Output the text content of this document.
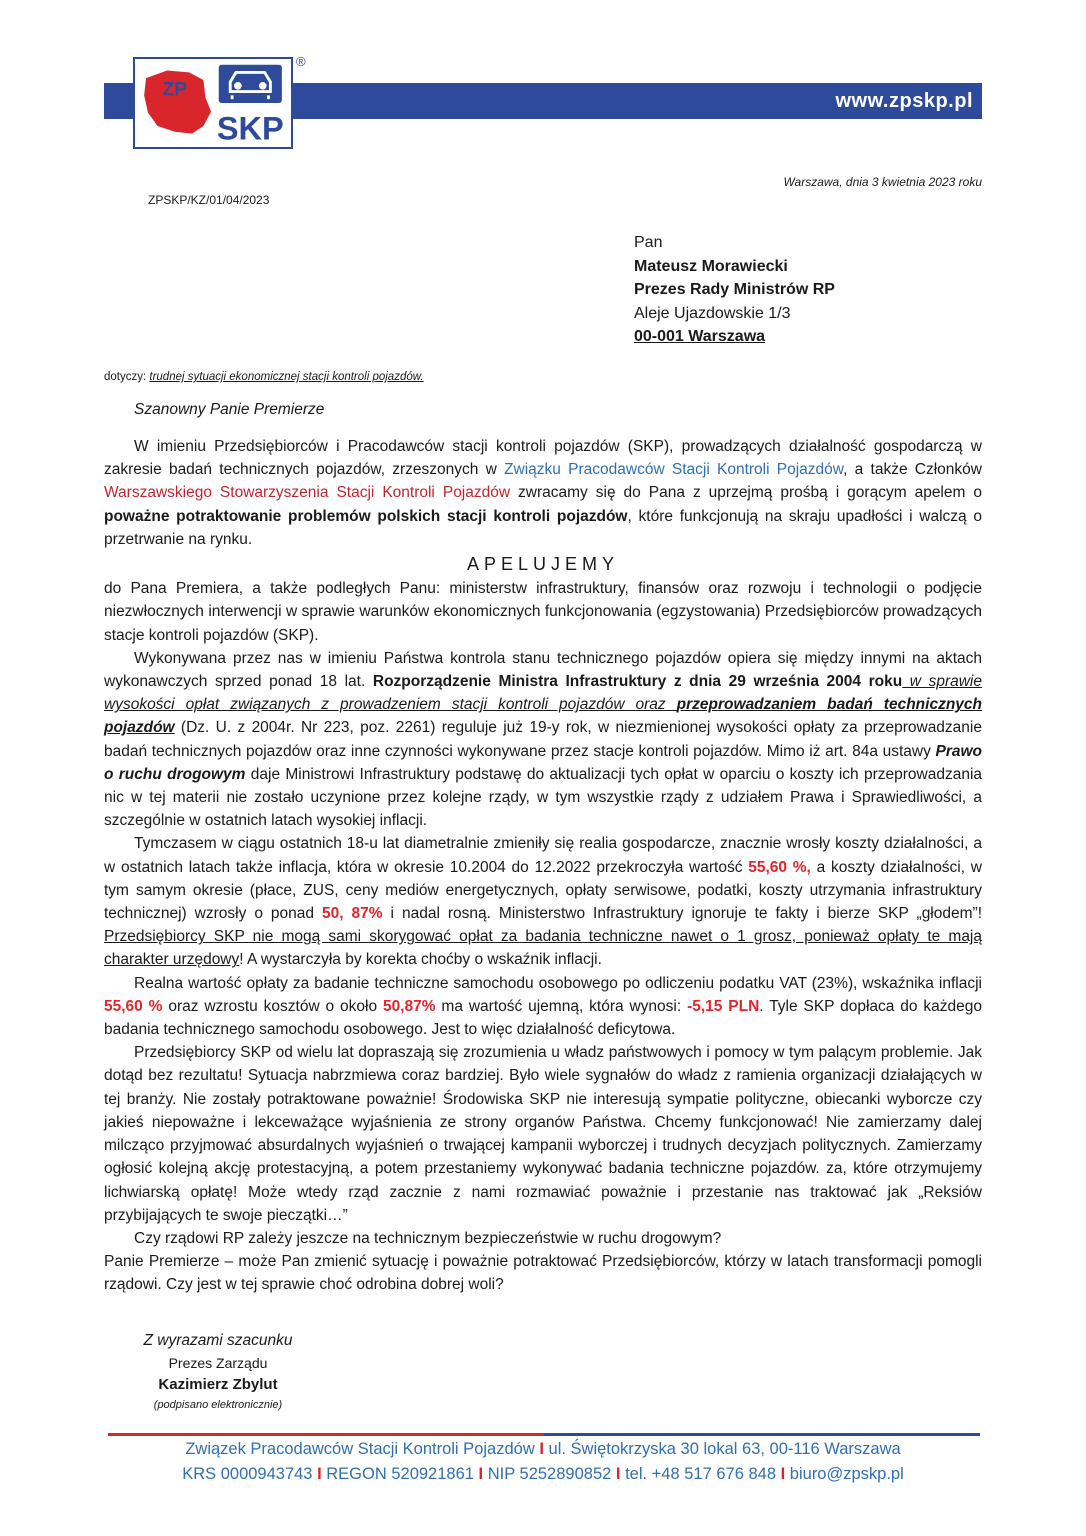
www.zpskp.pl
ZP
SKP
®
Warszawa, dnia 3 kwietnia 2023 roku
ZPSKP/KZ/01/04/2023
Pan
Mateusz Morawiecki
Prezes Rady Ministrów RP
Aleje Ujazdowskie 1/3
00-001 Warszawa
dotyczy: trudnej sytuacji ekonomicznej stacji kontroli pojazdów.
Szanowny Panie Premierze

W imieniu Przedsiębiorców i Pracodawców stacji kontroli pojazdów (SKP), prowadzących działalność gospodarczą w zakresie badań technicznych pojazdów, zrzeszonych w Związku Pracodawców Stacji Kontroli Pojazdów, a także Członków Warszawskiego Stowarzyszenia Stacji Kontroli Pojazdów zwracamy się do Pana z uprzejmą prośbą i gorącym apelem o poważne potraktowanie problemów polskich stacji kontroli pojazdów, które funkcjonują na skraju upadłości i walczą o przetrwanie na rynku.

APELUJEMY

do Pana Premiera, a także podległych Panu: ministerstw infrastruktury, finansów oraz rozwoju i technologii o podjęcie niezwłocznych interwencji w sprawie warunków ekonomicznych funkcjonowania (egzystowania) Przedsiębiorców prowadzących stacje kontroli pojazdów (SKP).

Wykonywana przez nas w imieniu Państwa kontrola stanu technicznego pojazdów opiera się między innymi na aktach wykonawczych sprzed ponad 18 lat. Rozporządzenie Ministra Infrastruktury z dnia 29 września 2004 roku w sprawie wysokości opłat związanych z prowadzeniem stacji kontroli pojazdów oraz przeprowadzaniem badań technicznych pojazdów (Dz. U. z 2004r. Nr 223, poz. 2261) reguluje już 19-y rok, w niezmienionej wysokości opłaty za przeprowadzanie badań technicznych pojazdów oraz inne czynności wykonywane przez stacje kontroli pojazdów. Mimo iż art. 84a ustawy Prawo o ruchu drogowym daje Ministrowi Infrastruktury podstawę do aktualizacji tych opłat w oparciu o koszty ich przeprowadzania nic w tej materii nie zostało uczynione przez kolejne rządy, w tym wszystkie rządy z udziałem Prawa i Sprawiedliwości, a szczególnie w ostatnich latach wysokiej inflacji.

Tymczasem w ciągu ostatnich 18-u lat diametralnie zmieniły się realia gospodarcze, znacznie wrosły koszty działalności, a w ostatnich latach także inflacja, która w okresie 10.2004 do 12.2022 przekroczyła wartość 55,60 %, a koszty działalności, w tym samym okresie (płace, ZUS, ceny mediów energetycznych, opłaty serwisowe, podatki, koszty utrzymania infrastruktury technicznej) wzrosły o ponad 50, 87% i nadal rosną. Ministerstwo Infrastruktury ignoruje te fakty i bierze SKP „głodem”! Przedsiębiorcy SKP nie mogą sami skorygować opłat za badania techniczne nawet o 1 grosz, ponieważ opłaty te mają charakter urzędowy! A wystarczyła by korekta choćby o wskaźnik inflacji.

Realna wartość opłaty za badanie techniczne samochodu osobowego po odliczeniu podatku VAT (23%), wskaźnika inflacji 55,60 % oraz wzrostu kosztów o około 50,87% ma wartość ujemną, która wynosi: -5,15 PLN. Tyle SKP dopłaca do każdego badania technicznego samochodu osobowego. Jest to więc działalność deficytowa.

Przedsiębiorcy SKP od wielu lat dopraszają się zrozumienia u władz państwowych i pomocy w tym palącym problemie. Jak dotąd bez rezultatu! Sytuacja nabrzmiewa coraz bardziej. Było wiele sygnałów do władz z ramienia organizacji działających w tej branży. Nie zostały potraktowane poważnie! Środowiska SKP nie interesują sympatie polityczne, obiecanki wyborcze czy jakieś niepoważne i lekceważące wyjaśnienia ze strony organów Państwa. Chcemy funkcjonować! Nie zamierzamy dalej milcząco przyjmować absurdalnych wyjaśnień o trwającej kampanii wyborczej i trudnych decyzjach politycznych. Zamierzamy ogłosić kolejną akcję protestacyjną, a potem przestaniemy wykonywać badania techniczne pojazdów. za, które otrzymujemy lichwiarską opłatę! Może wtedy rząd zacznie z nami rozmawiać poważnie i przestanie nas traktować jak „Reksiów przybijających te swoje pieczątki…”

Czy rządowi RP zależy jeszcze na technicznym bezpieczeństwie w ruchu drogowym?

Panie Premierze – może Pan zmienić sytuację i poważnie potraktować Przedsiębiorców, którzy w latach transformacji pomogli rządowi. Czy jest w tej sprawie choć odrobina dobrej woli?

Z wyrazami szacunku
Prezes Zarządu
Kazimierz Zbylut
(podpisano elektronicznie)
Związek Pracodawców Stacji Kontroli Pojazdów I ul. Świętokrzyska 30 lokal 63, 00-116 Warszawa
KRS 0000943743 I REGON 520921861 I NIP 5252890852 I tel. +48 517 676 848 I biuro@zpskp.pl
